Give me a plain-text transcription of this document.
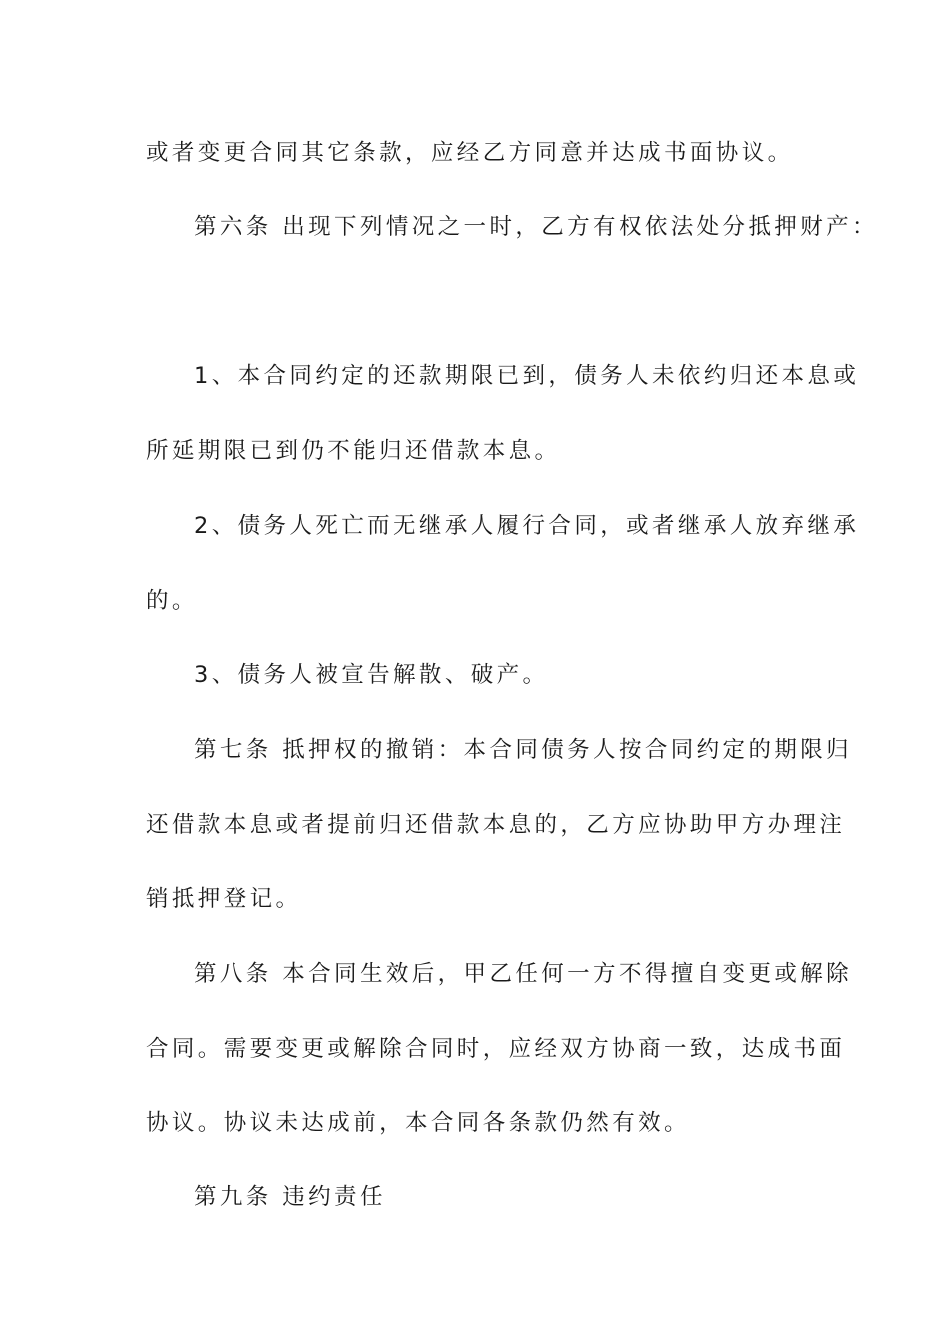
或者变更合同其它条款，应经乙方同意并达成书面协议。
第六条 出现下列情况之一时，乙方有权依法处分抵押财产：
1、本合同约定的还款期限已到，债务人未依约归还本息或
所延期限已到仍不能归还借款本息。
2、债务人死亡而无继承人履行合同，或者继承人放弃继承
的。
3、债务人被宣告解散、破产。
第七条 抵押权的撤销：本合同债务人按合同约定的期限归
还借款本息或者提前归还借款本息的，乙方应协助甲方办理注
销抵押登记。
第八条 本合同生效后，甲乙任何一方不得擅自变更或解除
合同。需要变更或解除合同时，应经双方协商一致，达成书面
协议。协议未达成前，本合同各条款仍然有效。
第九条 违约责任
